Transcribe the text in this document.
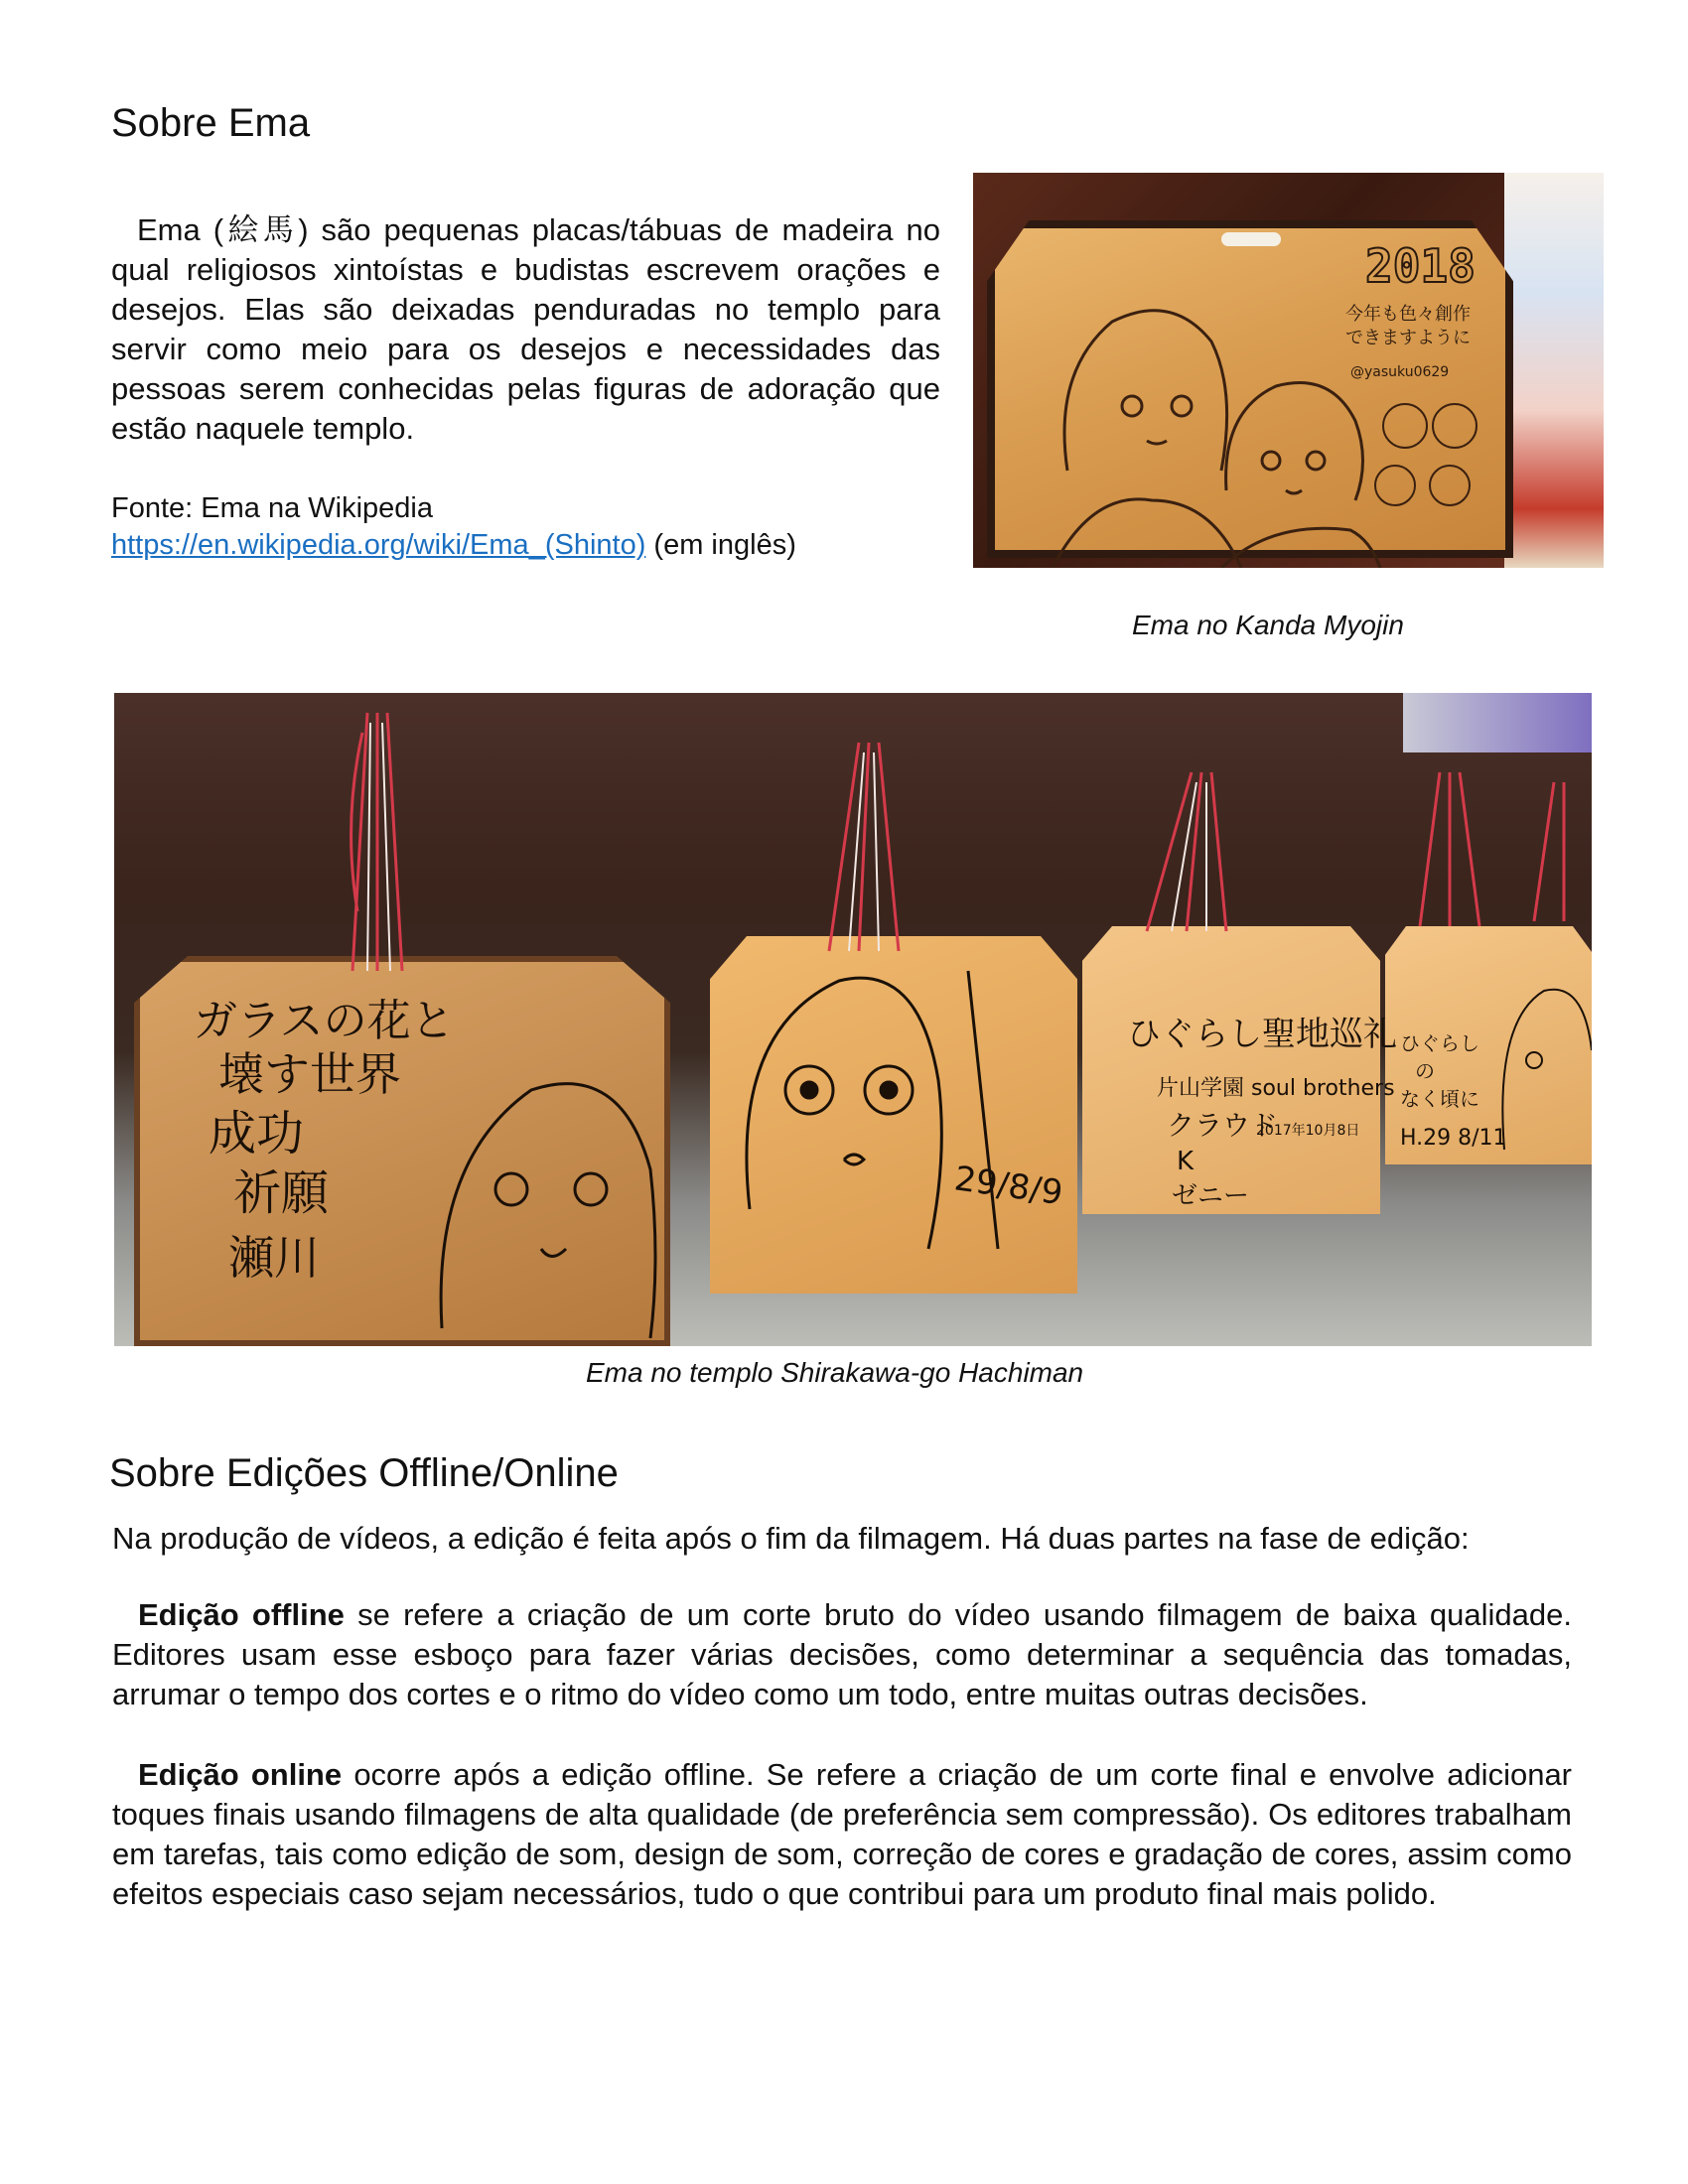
Sobre Ema

Ema (絵馬) são pequenas placas/tábuas de madeira no qual religiosos xintoístas e budistas escrevem orações e desejos. Elas são deixadas penduradas no templo para servir como meio para os desejos e necessidades das pessoas serem conhecidas pelas figuras de adoração que estão naquele templo.

Fonte: Ema na Wikipedia
https://en.wikipedia.org/wiki/Ema_(Shinto) (em inglês)
2018
今年も色々創作
できますように
@yasuku0629

Ema no Kanda Myojin

ガラスの花と
壊す世界
成功
祈願
瀬川
29/8/9
ひぐらし聖地巡礼
片山学園 soul brothers
クラウド
K
ゼニー
2017年10月8日
ひぐらし
の
なく頃に
H.29 8/11

Ema no templo Shirakawa-go Hachiman

Sobre Edições Offline/Online

Na produção de vídeos, a edição é feita após o fim da filmagem. Há duas partes na fase de edição:

Edição offline se refere a criação de um corte bruto do vídeo usando filmagem de baixa qualidade. Editores usam esse esboço para fazer várias decisões, como determinar a sequência das tomadas, arrumar o tempo dos cortes e o ritmo do vídeo como um todo, entre muitas outras decisões.

Edição online ocorre após a edição offline. Se refere a criação de um corte final e envolve adicionar toques finais usando filmagens de alta qualidade (de preferência sem compressão). Os editores trabalham em tarefas, tais como edição de som, design de som, correção de cores e gradação de cores, assim como efeitos especiais caso sejam necessários, tudo o que contribui para um produto final mais polido.
